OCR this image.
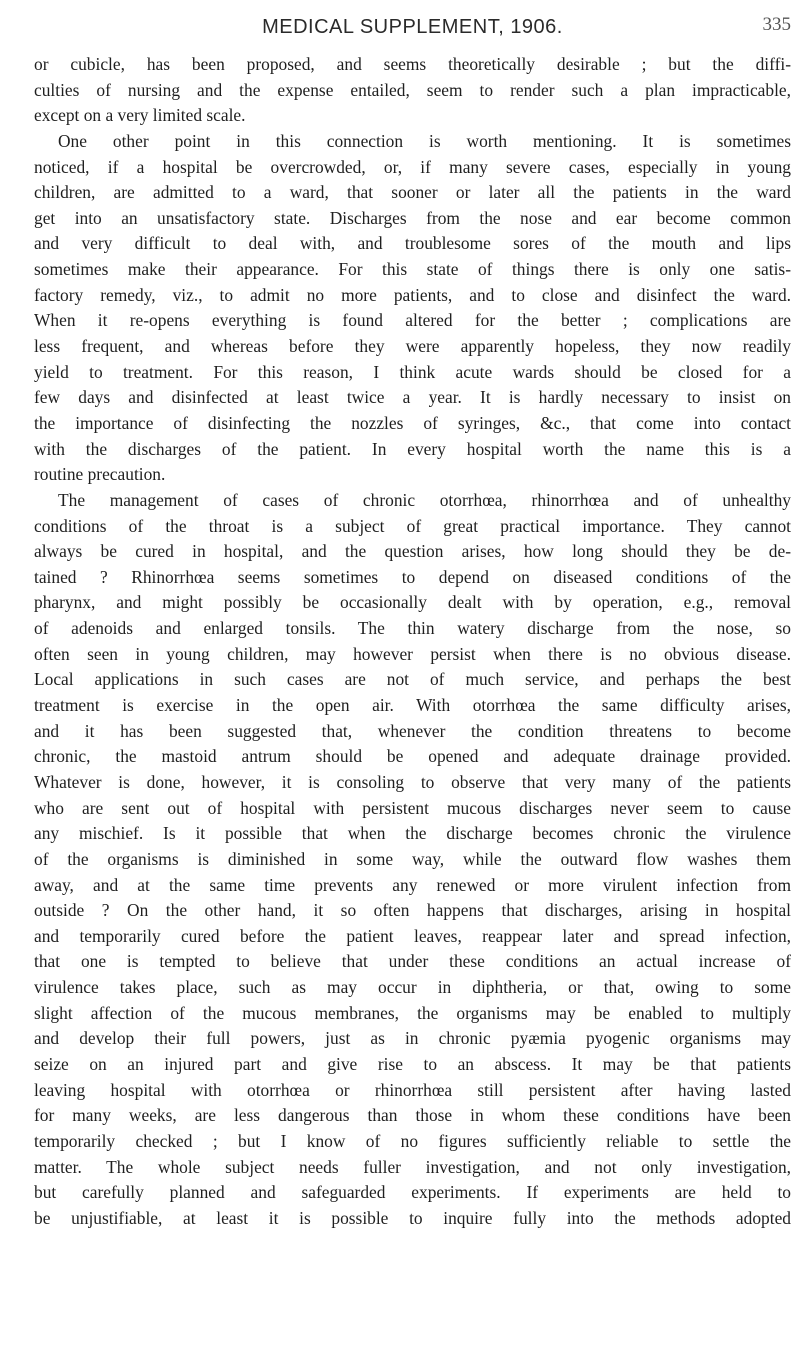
MEDICAL SUPPLEMENT, 1906.	335
or cubicle, has been proposed, and seems theoretically desirable ; but the diffi-
culties of nursing and the expense entailed, seem to render such a plan impracticable,
except on a very limited scale.
One other point in this connection is worth mentioning. It is sometimes
noticed, if a hospital be overcrowded, or, if many severe cases, especially in young
children, are admitted to a ward, that sooner or later all the patients in the ward
get into an unsatisfactory state. Discharges from the nose and ear become common
and very difficult to deal with, and troublesome sores of the mouth and lips
sometimes make their appearance. For this state of things there is only one satis-
factory remedy, viz., to admit no more patients, and to close and disinfect the ward.
When it re-opens everything is found altered for the better ; complications are
less frequent, and whereas before they were apparently hopeless, they now readily
yield to treatment. For this reason, I think acute wards should be closed for a
few days and disinfected at least twice a year. It is hardly necessary to insist on
the importance of disinfecting the nozzles of syringes, &c., that come into contact
with the discharges of the patient. In every hospital worth the name this is a
routine precaution.
The management of cases of chronic otorrhœa, rhinorrhœa and of unhealthy
conditions of the throat is a subject of great practical importance. They cannot
always be cured in hospital, and the question arises, how long should they be de-
tained ? Rhinorrhœa seems sometimes to depend on diseased conditions of the
pharynx, and might possibly be occasionally dealt with by operation, e.g., removal
of adenoids and enlarged tonsils. The thin watery discharge from the nose, so
often seen in young children, may however persist when there is no obvious disease.
Local applications in such cases are not of much service, and perhaps the best
treatment is exercise in the open air. With otorrhœa the same difficulty arises,
and it has been suggested that, whenever the condition threatens to become
chronic, the mastoid antrum should be opened and adequate drainage provided.
Whatever is done, however, it is consoling to observe that very many of the patients
who are sent out of hospital with persistent mucous discharges never seem to cause
any mischief. Is it possible that when the discharge becomes chronic the virulence
of the organisms is diminished in some way, while the outward flow washes them
away, and at the same time prevents any renewed or more virulent infection from
outside ? On the other hand, it so often happens that discharges, arising in hospital
and temporarily cured before the patient leaves, reappear later and spread infection,
that one is tempted to believe that under these conditions an actual increase of
virulence takes place, such as may occur in diphtheria, or that, owing to some
slight affection of the mucous membranes, the organisms may be enabled to multiply
and develop their full powers, just as in chronic pyæmia pyogenic organisms may
seize on an injured part and give rise to an abscess. It may be that patients
leaving hospital with otorrhœa or rhinorrhœa still persistent after having lasted
for many weeks, are less dangerous than those in whom these conditions have been
temporarily checked ; but I know of no figures sufficiently reliable to settle the
matter. The whole subject needs fuller investigation, and not only investigation,
but carefully planned and safeguarded experiments. If experiments are held to
be unjustifiable, at least it is possible to inquire fully into the methods adopted
